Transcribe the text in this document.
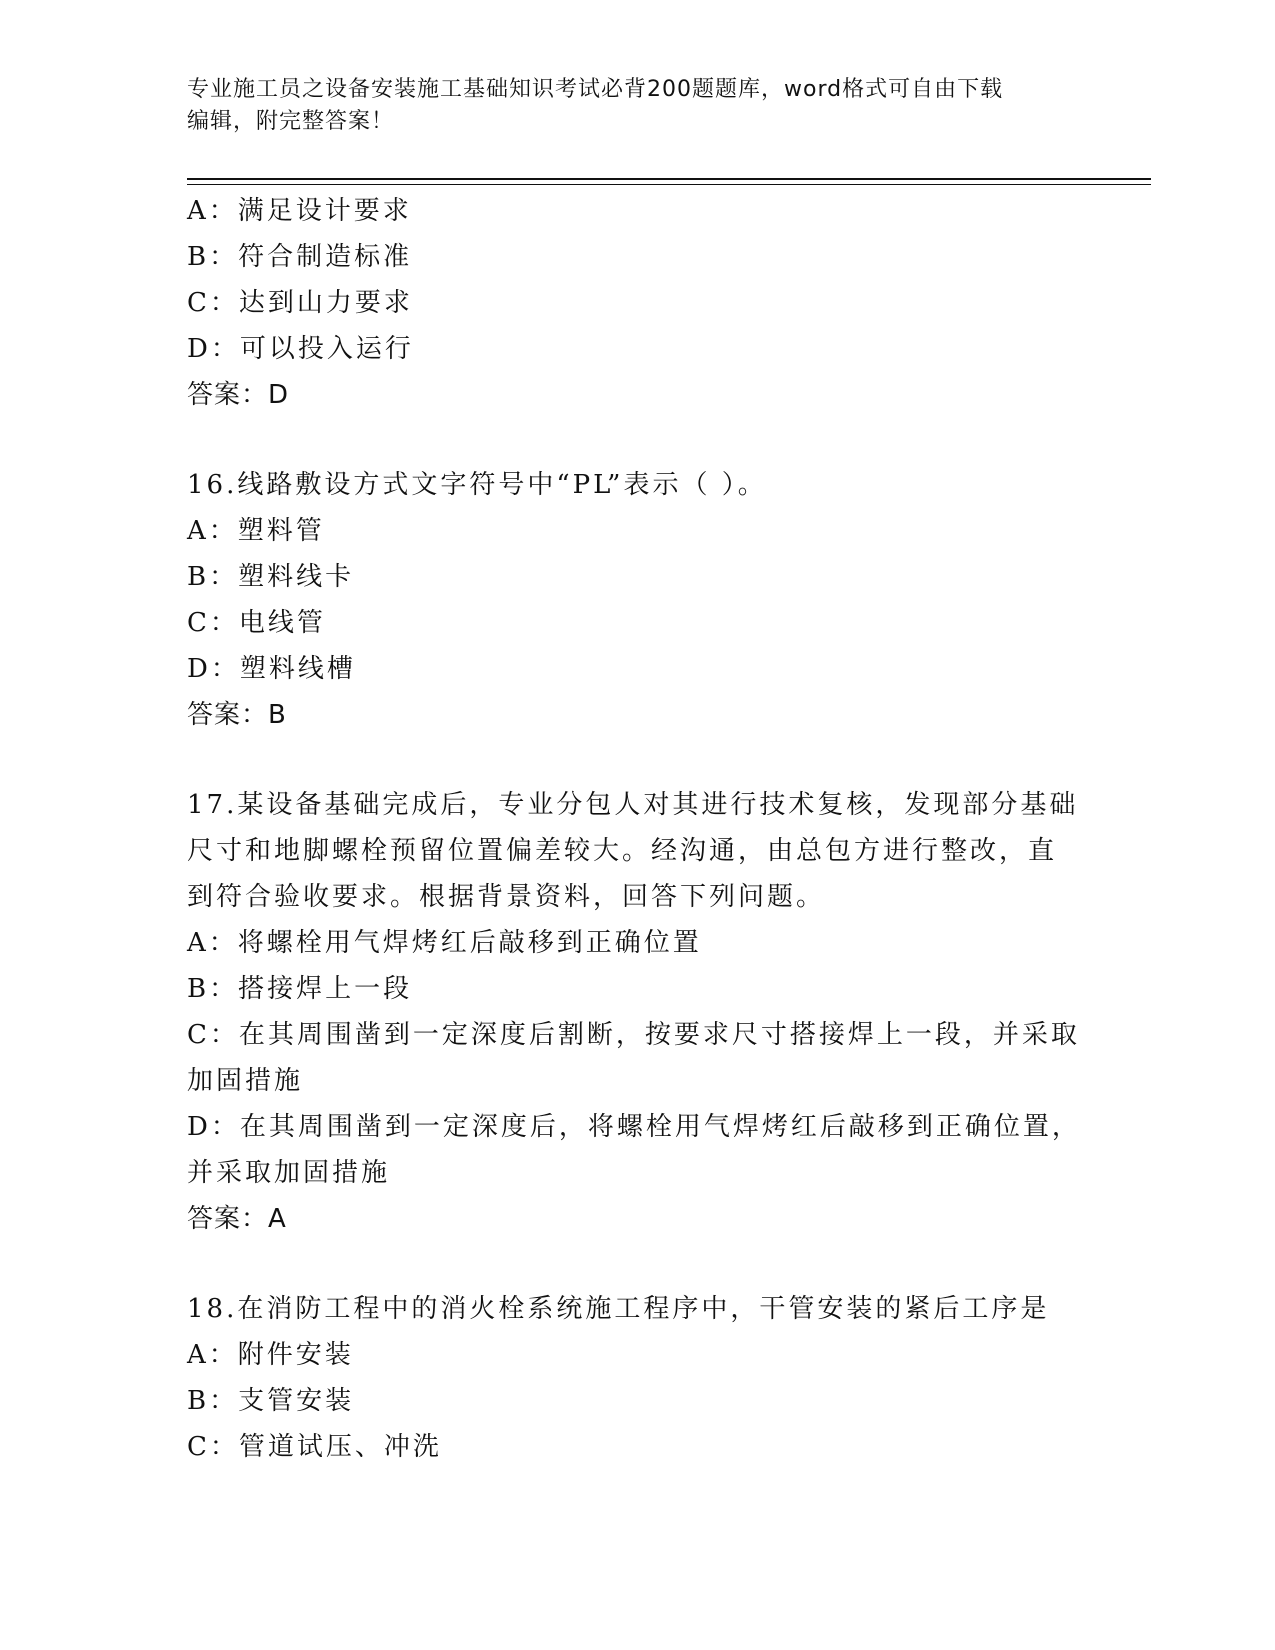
专业施工员之设备安装施工基础知识考试必背200题题库，word格式可自由下载
编辑，附完整答案！
A：满足设计要求
B：符合制造标准
C：达到山力要求
D：可以投入运行
答案：D
16.线路敷设方式文字符号中“PL”表示（ ）。
A：塑料管
B：塑料线卡
C：电线管
D：塑料线槽
答案：B
17.某设备基础完成后，专业分包人对其进行技术复核，发现部分基础
尺寸和地脚螺栓预留位置偏差较大。经沟通，由总包方进行整改，直
到符合验收要求。根据背景资料，回答下列问题。
A：将螺栓用气焊烤红后敲移到正确位置
B：搭接焊上一段
C：在其周围凿到一定深度后割断，按要求尺寸搭接焊上一段，并采取
加固措施
D：在其周围凿到一定深度后，将螺栓用气焊烤红后敲移到正确位置，
并采取加固措施
答案：A
18.在消防工程中的消火栓系统施工程序中，干管安装的紧后工序是
A：附件安装
B：支管安装
C：管道试压、冲洗
